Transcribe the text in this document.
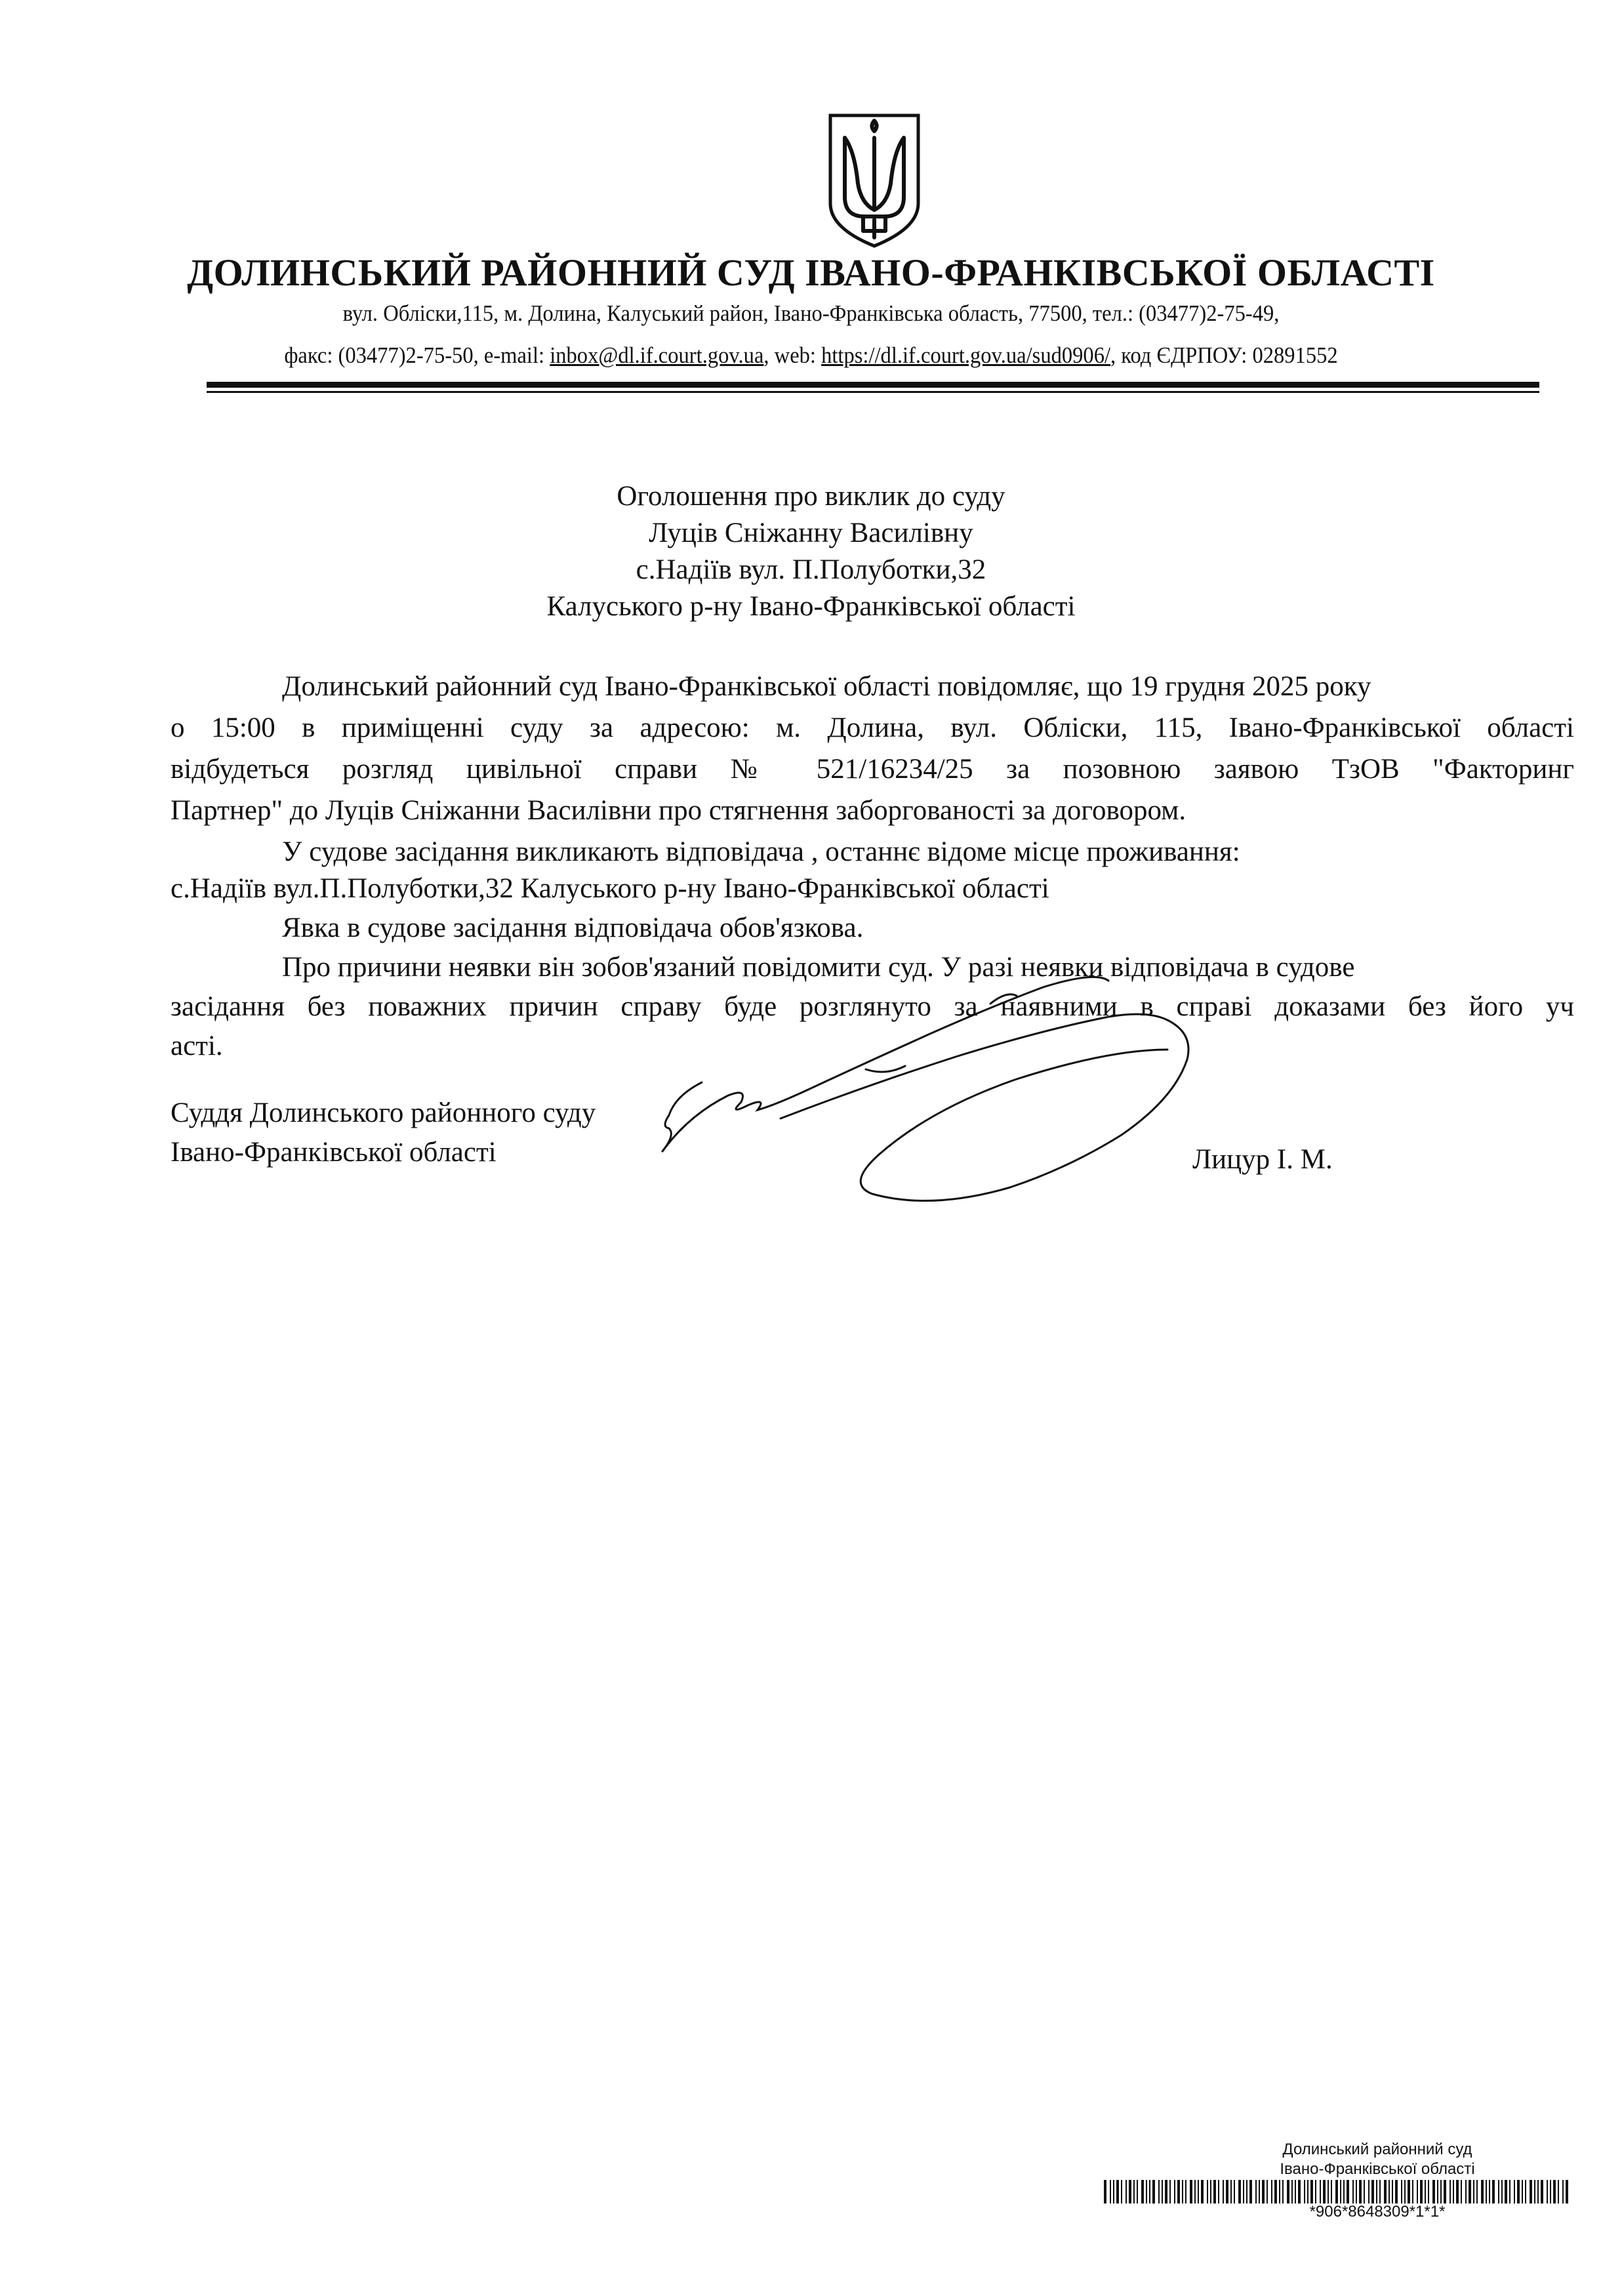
ДОЛИНСЬКИЙ РАЙОННИЙ СУД ІВАНО-ФРАНКІВСЬКОЇ ОБЛАСТІ
вул. Облiски,115, м. Долина, Калуський район, Iвано-Франкiвська область, 77500, тел.: (03477)2-75-49,
факс: (03477)2-75-50, e-mail: inbox@dl.if.court.gov.ua, web: https://dl.if.court.gov.ua/sud0906/, код ЄДРПОУ: 02891552
Оголошення про виклик до суду
Луців Сніжанну Василівну
с.Надіїв вул. П.Полуботки,32
Калуського р-ну Івано-Франківської області
Долинський районний суд Івано-Франківської області повідомляє, що 19 грудня 2025 року
о 15:00 в приміщенні суду за адресою: м. Долина, вул. Обліски, 115, Івано-Франківської області
відбудеться розгляд цивільної справи № 521/16234/25 за позовною заявою ТзОВ "Факторинг
Партнер" до Луців Сніжанни Василівни про стягнення заборгованості за договором.
У судове засідання викликають відповідача , останнє відоме місце проживання:
с.Надіїв вул.П.Полуботки,32 Калуського р-ну Івано-Франківської області
Явка в судове засідання відповідача обов'язкова.
Про причини неявки він зобов'язаний повідомити суд. У разі неявки відповідача в судове
засідання без поважних причин справу буде розглянуто за наявними в справі доказами без його уч
асті.
Суддя Долинського районного суду
Івано-Франківської області	Лицур І. М.
Долинський районний суд
Івано-Франківської області
*906*8648309*1*1*
